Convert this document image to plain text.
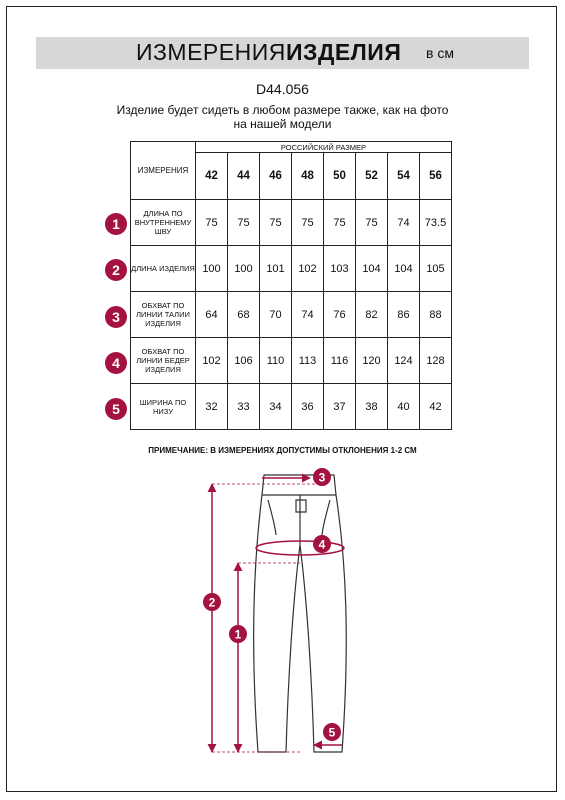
ИЗМЕРЕНИЯ ИЗДЕЛИЯ в см
D44.056
Изделие будет сидеть в любом размере также, как на фото на нашей модели
ИЗМЕРЕНИЯ	РОССИЙСКИЙ РАЗМЕР							
	42	44	46	48	50	52	54	56
ДЛИНА ПО ВНУТРЕННЕМУ ШВУ	75	75	75	75	75	75	74	73.5
ДЛИНА ИЗДЕЛИЯ	100	100	101	102	103	104	104	105
ОБХВАТ ПО ЛИНИИ ТАЛИИ ИЗДЕЛИЯ	64	68	70	74	76	82	86	88
ОБХВАТ ПО ЛИНИИ БЕДЕР ИЗДЕЛИЯ	102	106	110	113	116	120	124	128
ШИРИНА ПО НИЗУ	32	33	34	36	37	38	40	42
1
2
3
4
5
ПРИМЕЧАНИЕ: В ИЗМЕРЕНИЯХ ДОПУСТИМЫ ОТКЛОНЕНИЯ 1-2 СМ
3
4
2
1
5
